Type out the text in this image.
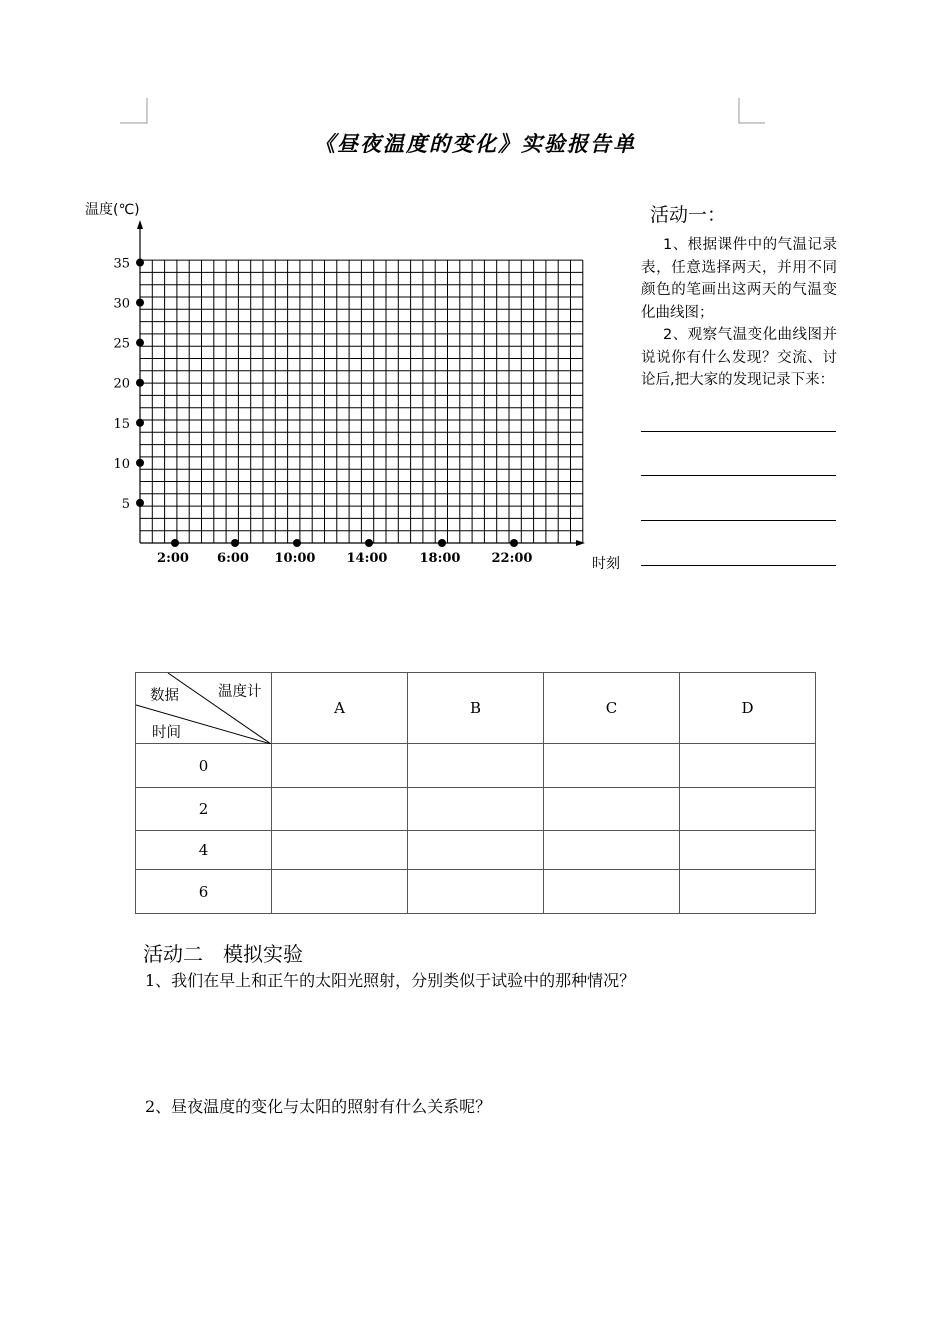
《昼夜温度的变化》实验报告单
5
10
15
20
25
30
35
2:00 6:00 10:00 14:00 18:00 22:00
温度(℃)
时刻
活动一：

1、根据课件中的气温记录表，任意选择两天，并用不同颜色的笔画出这两天的气温变化曲线图；

2、观察气温变化曲线图并说说你有什么发现？交流、讨论后,把大家的发现记录下来：

温度计
数据
时间	A	B	C	D
0				
2				
4				
6				
活动二　模拟实验
1、我们在早上和正午的太阳光照射，分别类似于试验中的那种情况？
2、昼夜温度的变化与太阳的照射有什么关系呢？
